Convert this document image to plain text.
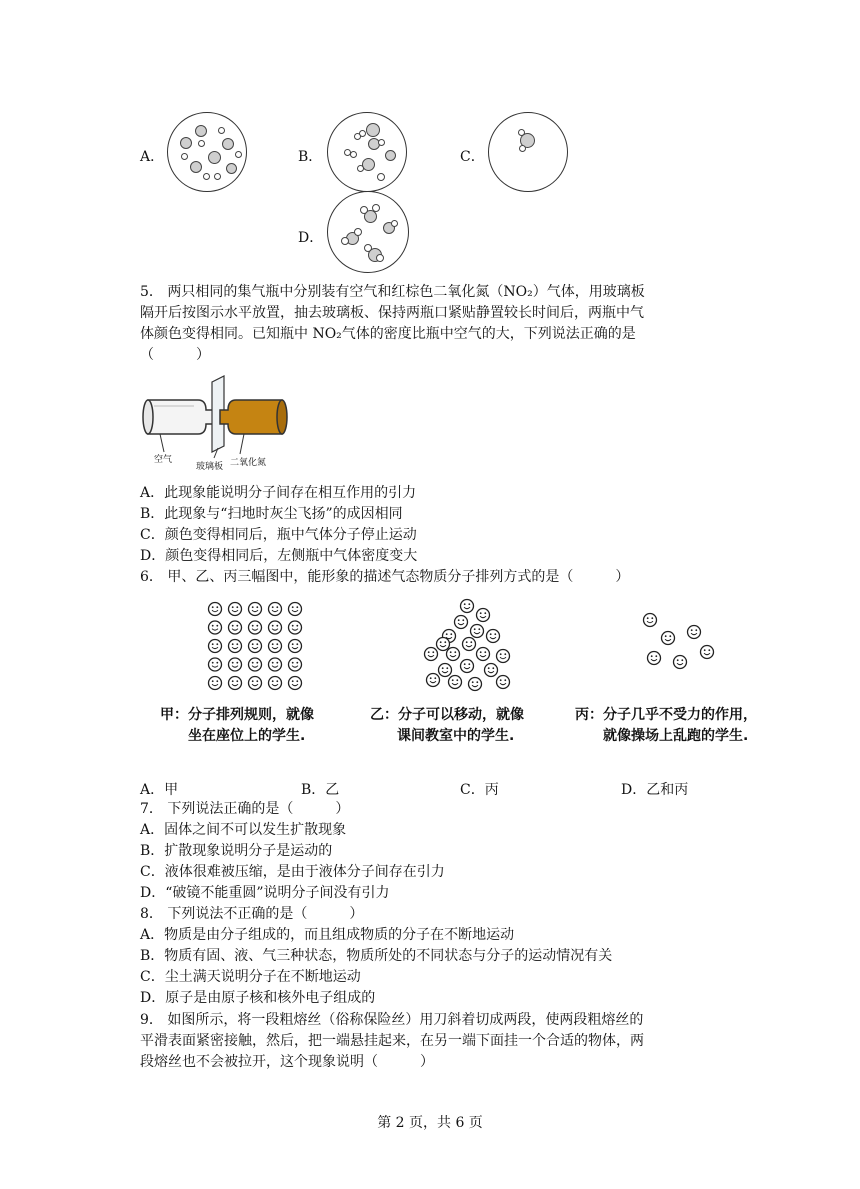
A．	B．	C．
D．
5． 两只相同的集气瓶中分别装有空气和红棕色二氧化氮（NO₂）气体，用玻璃板
隔开后按图示水平放置，抽去玻璃板、保持两瓶口紧贴静置较长时间后，两瓶中气
体颜色变得相同。已知瓶中 NO₂气体的密度比瓶中空气的大，下列说法正确的是
（　　　）
空气
玻璃板 二氧化氮
A．此现象能说明分子间存在相互作用的引力
B．此现象与“扫地时灰尘飞扬”的成因相同
C．颜色变得相同后，瓶中气体分子停止运动
D．颜色变得相同后，左侧瓶中气体密度变大
6． 甲、乙、丙三幅图中，能形象的描述气态物质分子排列方式的是（　　　）
甲：分子排列规则，就像
坐在座位上的学生.
乙：分子可以移动，就像
课间教室中的学生.
丙：分子几乎不受力的作用，
就像操场上乱跑的学生.
A．甲	B．乙	C．丙	D．乙和丙
7． 下列说法正确的是（　　　）
A．固体之间不可以发生扩散现象
B．扩散现象说明分子是运动的
C．液体很难被压缩，是由于液体分子间存在引力
D．“破镜不能重圆”说明分子间没有引力
8． 下列说法不正确的是（　　　）
A．物质是由分子组成的，而且组成物质的分子在不断地运动
B．物质有固、液、气三种状态，物质所处的不同状态与分子的运动情况有关
C．尘土满天说明分子在不断地运动
D．原子是由原子核和核外电子组成的
9． 如图所示，将一段粗熔丝（俗称保险丝）用刀斜着切成两段，使两段粗熔丝的
平滑表面紧密接触，然后，把一端悬挂起来，在另一端下面挂一个合适的物体，两
段熔丝也不会被拉开，这个现象说明（　　　）
第 2 页，共 6 页
